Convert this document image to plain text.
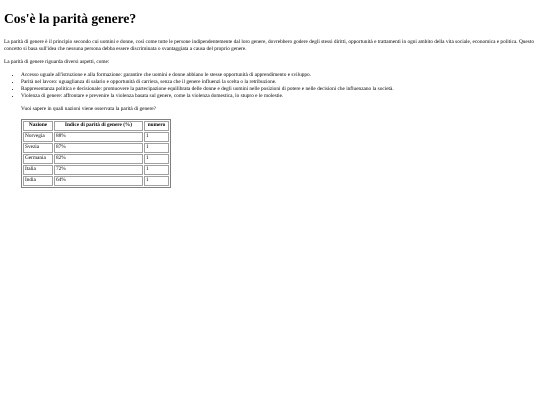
Cos'è la parità genere?

La parità di genere è il principio secondo cui uomini e donne, così come tutte le persone indipendentemente dal loro genere, dovrebbero godere degli stessi diritti, opportunità e trattamenti in ogni ambito della vita sociale, economica e politica. Questo concetto si basa sull'idea che nessuna persona debba essere discriminata o svantaggiata a causa del proprio genere.

La parità di genere riguarda diversi aspetti, come:

• Accesso uguale all'istruzione e alla formazione: garantire che uomini e donne abbiano le stesse opportunità di apprendimento e sviluppo.
• Parità nel lavoro: uguaglianza di salario e opportunità di carriera, senza che il genere influenzi la scelta o la retribuzione.
• Rappresentanza politica e decisionale: promuovere la partecipazione equilibrata delle donne e degli uomini nelle posizioni di potere e nelle decisioni che influenzano la società.
• Violenza di genere: affrontare e prevenire la violenza basata sul genere, come la violenza domestica, lo stupro e le molestie.

Vuoi sapere in quali nazioni viene osservata la parità di genere?

Nazione	Indice di parità di genere (%)	numero
Norvegia	88%	1
Svezia	87%	1
Germania	82%	1
Italia	72%	1
India	64%	1
